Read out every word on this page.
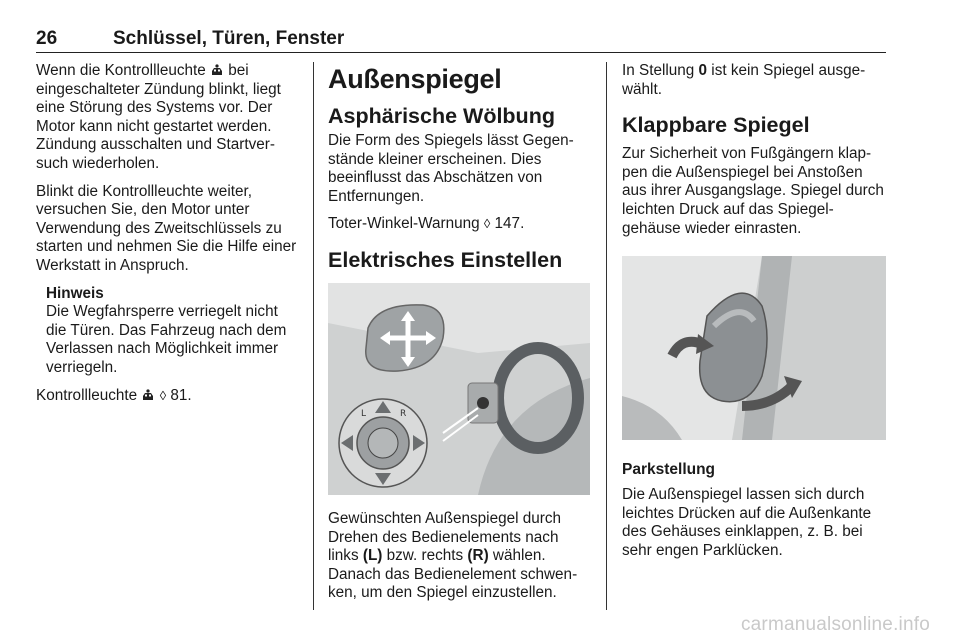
26	Schlüssel, Türen, Fenster

Wenn die Kontrollleuchte  bei eingeschalteter Zündung blinkt, liegt eine Störung des Systems vor. Der Motor kann nicht gestartet werden. Zündung ausschalten und Startversuch wiederholen.

Blinkt die Kontrollleuchte weiter, versuchen Sie, den Motor unter Verwendung des Zweitschlüssels zu starten und nehmen Sie die Hilfe einer Werkstatt in Anspruch.

Hinweis
Die Wegfahrsperre verriegelt nicht die Türen. Das Fahrzeug nach dem Verlassen nach Möglichkeit immer verriegeln.

Kontrollleuchte  ◊ 81.

Außenspiegel
Asphärische Wölbung

Die Form des Spiegels lässt Gegenstände kleiner erscheinen. Dies beeinflusst das Abschätzen von Entfernungen.

Toter-Winkel-Warnung ◊ 147.

Elektrisches Einstellen
L	R

Gewünschten Außenspiegel durch Drehen des Bedienelements nach links (L) bzw. rechts (R) wählen. Danach das Bedienelement schwenken, um den Spiegel einzustellen.

In Stellung 0 ist kein Spiegel ausgewählt.

Klappbare Spiegel

Zur Sicherheit von Fußgängern klappen die Außenspiegel bei Anstoßen aus ihrer Ausgangslage. Spiegel durch leichten Druck auf das Spiegelgehäuse wieder einrasten.

Parkstellung

Die Außenspiegel lassen sich durch leichtes Drücken auf die Außenkante des Gehäuses einklappen, z. B. bei sehr engen Parklücken.

carmanualsonline.info
